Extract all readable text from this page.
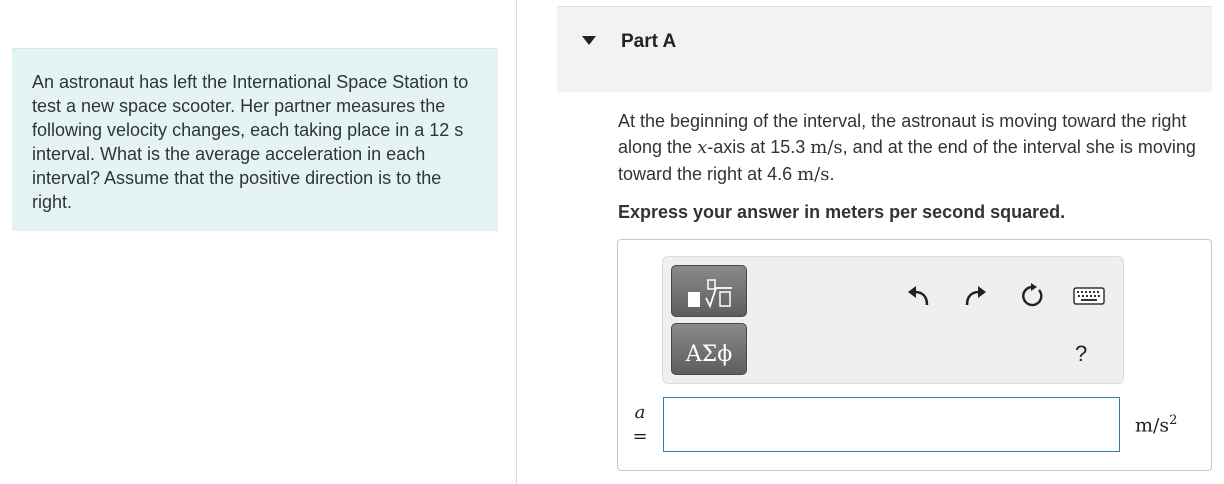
An astronaut has left the International Space Station to test a new space scooter. Her partner measures the following velocity changes, each taking place in a 12 s interval. What is the average acceleration in each interval? Assume that the positive direction is to the right.

Part A
At the beginning of the interval, the astronaut is moving toward the right along the x-axis at 15.3 m/s, and at the end of the interval she is moving toward the right at 4.6 m/s.
Express your answer in meters per second squared.
ΑΣϕ	?
a
=
$m/s^2$
